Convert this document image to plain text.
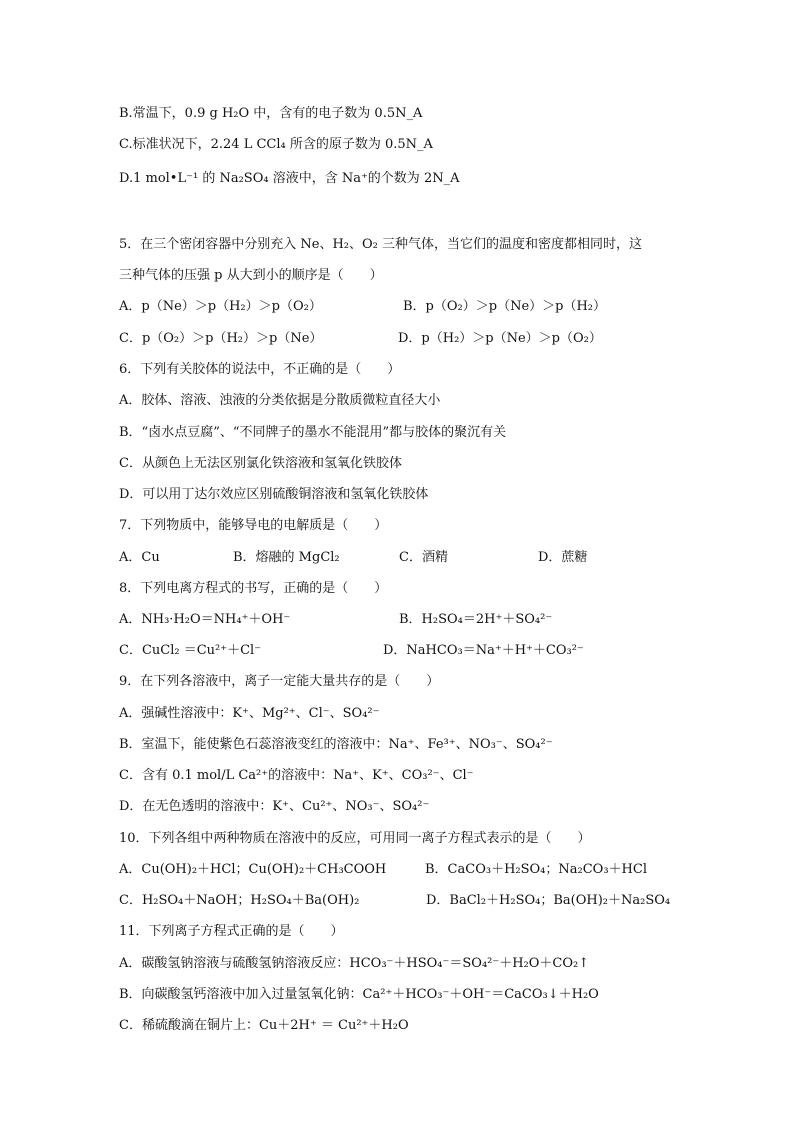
B.常温下，0.9 g H₂O 中，含有的电子数为 0.5N_A
C.标准状况下，2.24 L CCl₄ 所含的原子数为 0.5N_A
D.1 mol•L⁻¹ 的 Na₂SO₄ 溶液中，含 Na⁺的个数为 2N_A
5．在三个密闭容器中分别充入 Ne、H₂、O₂ 三种气体，当它们的温度和密度都相同时，这
三种气体的压强 p 从大到小的顺序是（　　）
A．p（Ne）＞p（H₂）＞p（O₂）	B．p（O₂）＞p（Ne）＞p（H₂）
C．p（O₂）＞p（H₂）＞p（Ne）	D．p（H₂）＞p（Ne）＞p（O₂）
6．下列有关胶体的说法中，不正确的是（　　）
A．胶体、溶液、浊液的分类依据是分散质微粒直径大小
B．“卤水点豆腐”、“不同牌子的墨水不能混用”都与胶体的聚沉有关
C．从颜色上无法区别氯化铁溶液和氢氧化铁胶体
D．可以用丁达尔效应区别硫酸铜溶液和氢氧化铁胶体
7．下列物质中，能够导电的电解质是（　　）
A．Cu	B．熔融的 MgCl₂	C．酒精	D．蔗糖
8．下列电离方程式的书写，正确的是（　　）
A．NH₃·H₂O＝NH₄⁺＋OH⁻	B．H₂SO₄＝2H⁺＋SO₄²⁻
C．CuCl₂ ＝Cu²⁺＋Cl⁻	D．NaHCO₃＝Na⁺＋H⁺＋CO₃²⁻
9．在下列各溶液中，离子一定能大量共存的是（　　）
A．强碱性溶液中：K⁺、Mg²⁺、Cl⁻、SO₄²⁻
B．室温下，能使紫色石蕊溶液变红的溶液中：Na⁺、Fe³⁺、NO₃⁻、SO₄²⁻
C．含有 0.1 mol/L Ca²⁺的溶液中：Na⁺、K⁺、CO₃²⁻、Cl⁻
D．在无色透明的溶液中：K⁺、Cu²⁺、NO₃⁻、SO₄²⁻
10．下列各组中两种物质在溶液中的反应，可用同一离子方程式表示的是（　　）
A．Cu(OH)₂＋HCl；Cu(OH)₂＋CH₃COOH	B．CaCO₃＋H₂SO₄；Na₂CO₃＋HCl
C．H₂SO₄＋NaOH；H₂SO₄＋Ba(OH)₂	D．BaCl₂＋H₂SO₄；Ba(OH)₂＋Na₂SO₄
11．下列离子方程式正确的是（　　）
A．碳酸氢钠溶液与硫酸氢钠溶液反应：HCO₃⁻＋HSO₄⁻＝SO₄²⁻＋H₂O＋CO₂↑
B．向碳酸氢钙溶液中加入过量氢氧化钠：Ca²⁺＋HCO₃⁻＋OH⁻＝CaCO₃↓＋H₂O
C．稀硫酸滴在铜片上：Cu＋2H⁺ ＝ Cu²⁺＋H₂O
